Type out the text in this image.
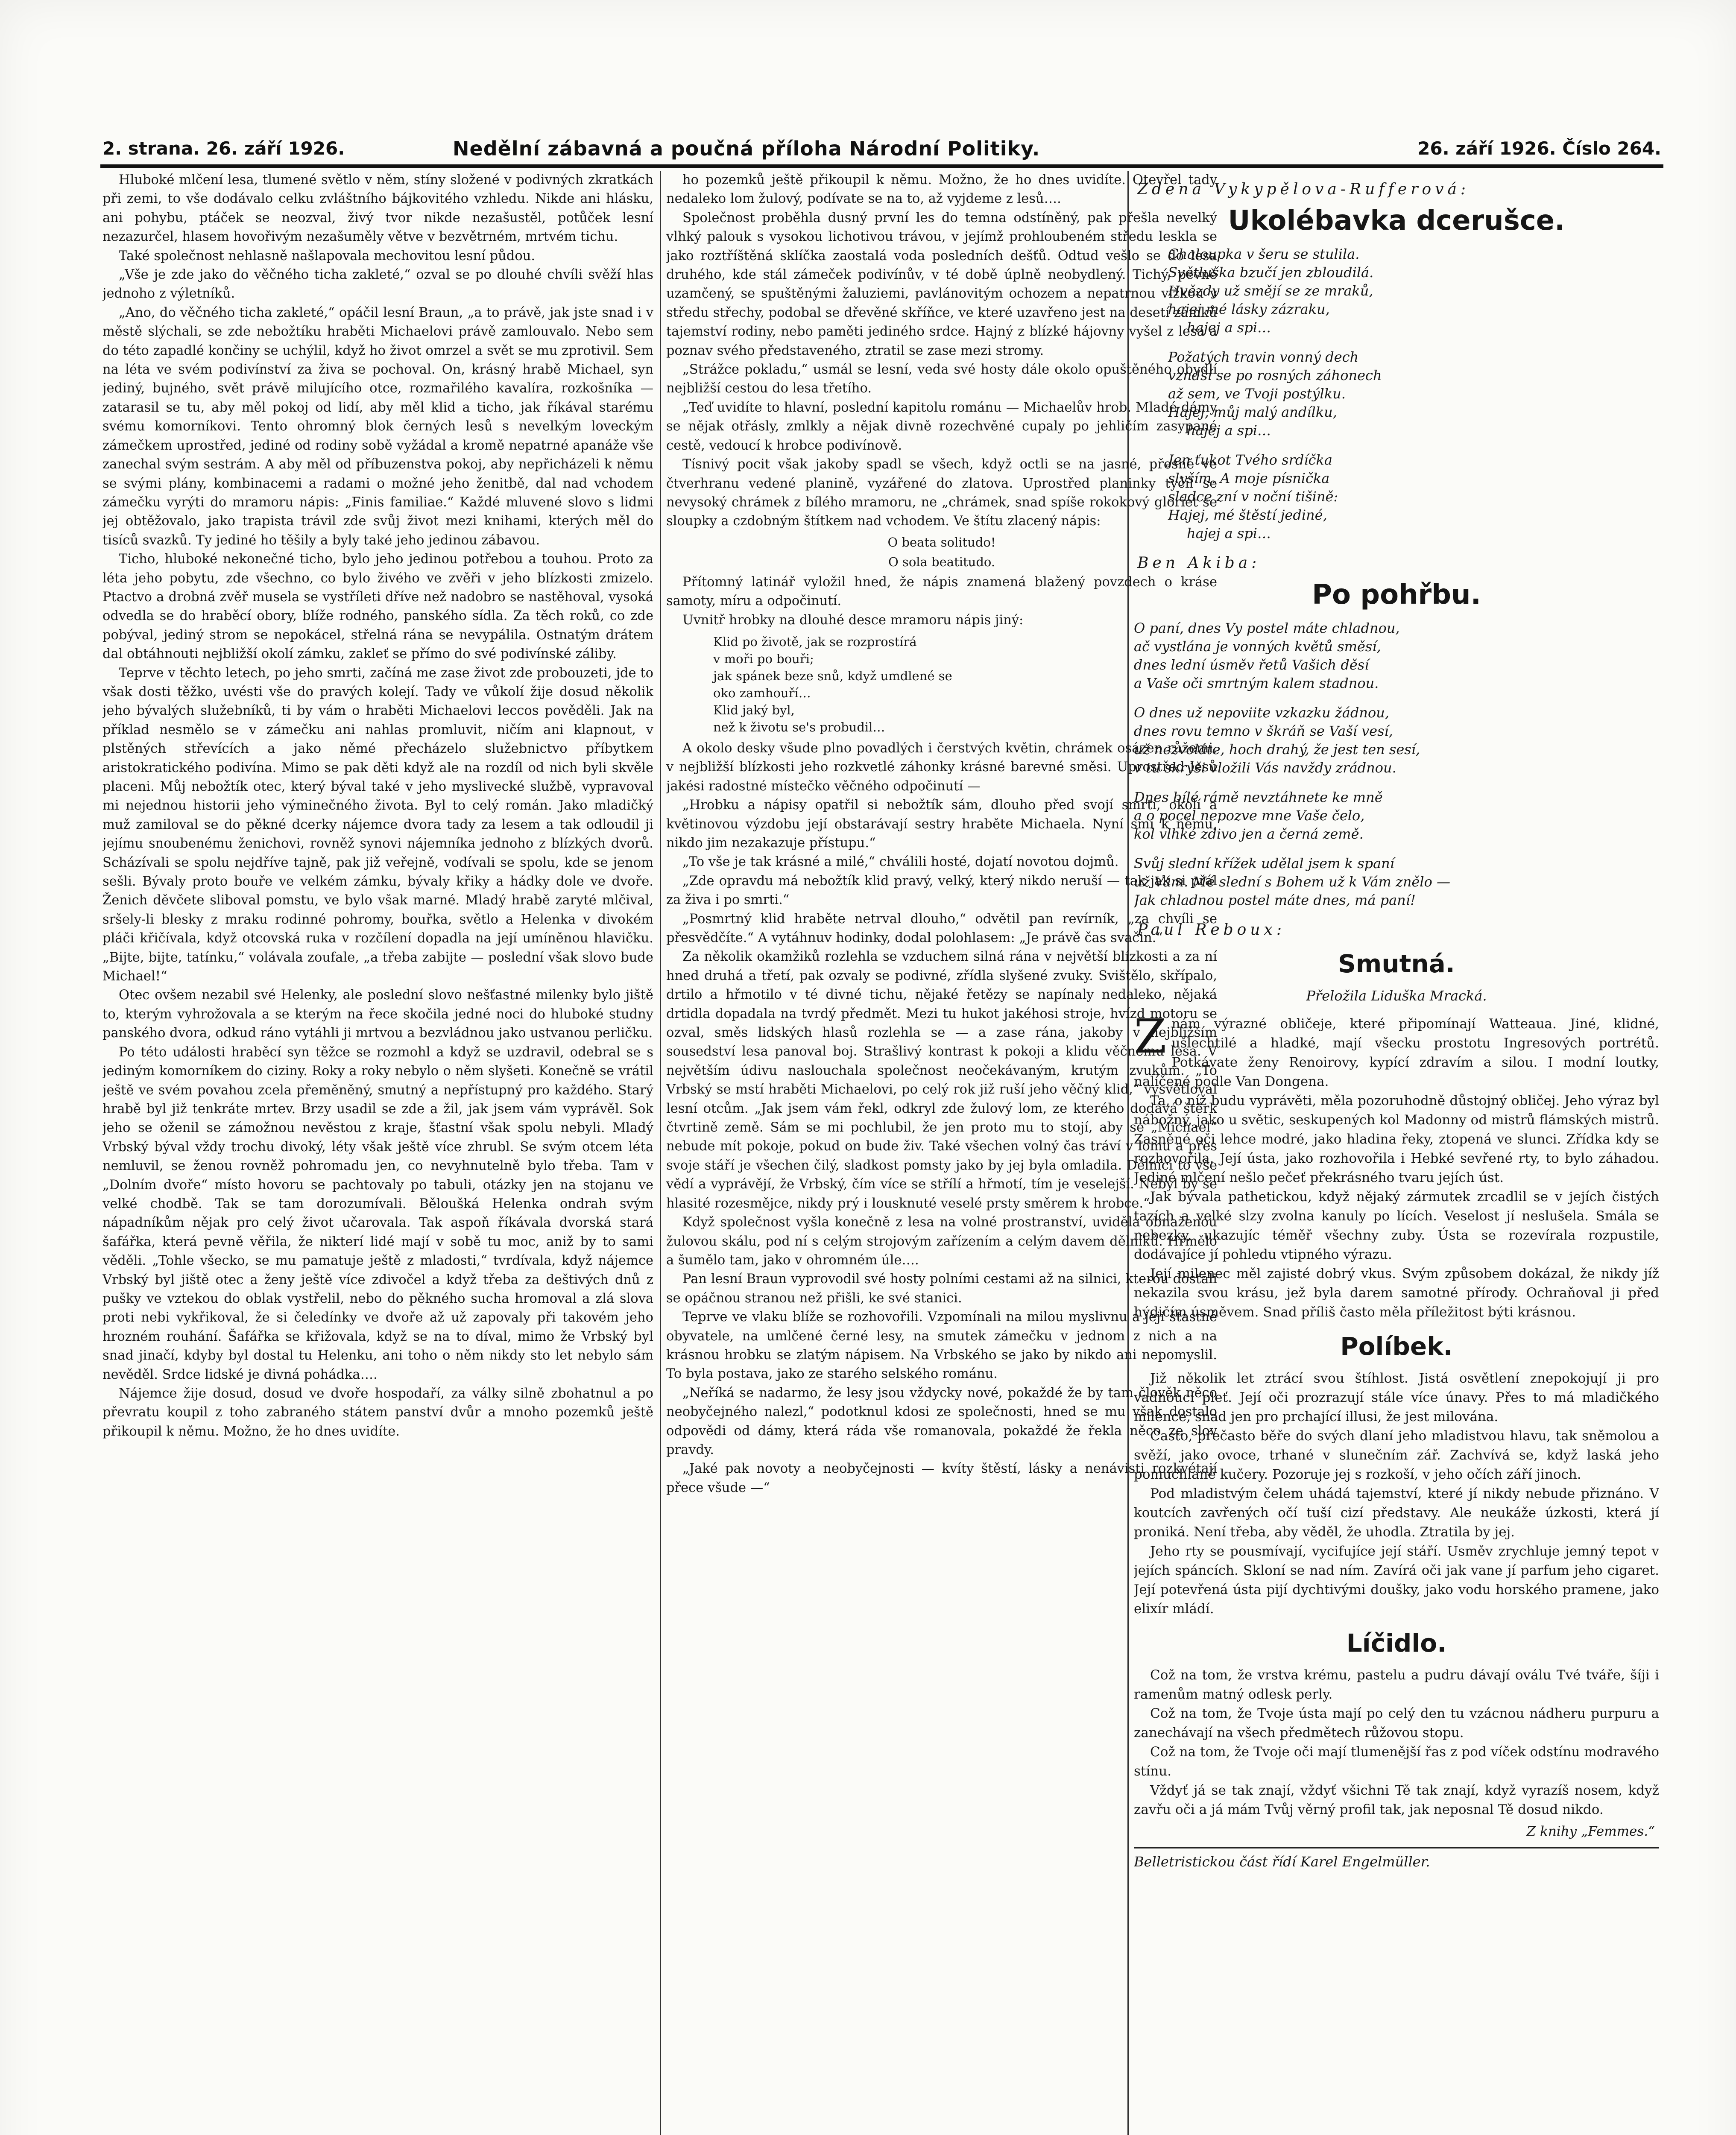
2. strana. 26. září 1926.	Nedělní zábavná a poučná příloha Národní Politiky.	26. září 1926. Číslo 264.

Hluboké mlčení lesa, tlumené světlo v něm, stíny složené v podivných zkratkách při zemi, to vše dodávalo celku zvláštního bájkovitého vzhledu. Nikde ani hlásku, ani pohybu, ptáček se neozval, živý tvor nikde nezašustěl, potůček lesní nezazurčel, hlasem hovořivým nezašuměly větve v bezvětrném, mrtvém tichu.

Také společnost nehlasně našlapovala mechovitou lesní půdou.

„Vše je zde jako do věčného ticha zakleté,“ ozval se po dlouhé chvíli svěží hlas jednoho z výletníků.

„Ano, do věčného ticha zakleté,“ opáčil lesní Braun, „a to právě, jak jste snad i v městě slýchali, se zde nebožtíku hraběti Michaelovi právě zamlouvalo. Nebo sem do této zapadlé končiny se uchýlil, když ho život omrzel a svět se mu zprotivil. Sem na léta ve svém podivínství za živa se pochoval. On, krásný hrabě Michael, syn jediný, bujného, svět právě milujícího otce, rozmařilého kavalíra, rozkošníka — zatarasil se tu, aby měl pokoj od lidí, aby měl klid a ticho, jak říkával starému svému komorníkovi. Tento ohromný blok černých lesů s nevelkým loveckým zámečkem uprostřed, jediné od rodiny sobě vyžádal a kromě nepatrné apanáže vše zanechal svým sestrám. A aby měl od příbuzenstva pokoj, aby nepřicházeli k němu se svými plány, kombinacemi a radami o možné jeho ženitbě, dal nad vchodem zámečku vyrýti do mramoru nápis: „Finis familiae.“ Každé mluvené slovo s lidmi jej obtěžovalo, jako trapista trávil zde svůj život mezi knihami, kterých měl do tisíců svazků. Ty jediné ho těšily a byly také jeho jedinou zábavou.

Ticho, hluboké nekonečné ticho, bylo jeho jedinou potřebou a touhou. Proto za léta jeho pobytu, zde všechno, co bylo živého ve zvěři v jeho blízkosti zmizelo. Ptactvo a drobná zvěř musela se vystříleti dříve než nadobro se nastěhoval, vysoká odvedla se do hraběcí obory, blíže rodného, panského sídla. Za těch roků, co zde pobýval, jediný strom se nepokácel, střelná rána se nevypálila. Ostnatým drátem dal obtáhnouti nejbližší okolí zámku, zakleť se přímo do své podivínské záliby.

Teprve v těchto letech, po jeho smrti, začíná me zase život zde probouzeti, jde to však dosti těžko, uvésti vše do pravých kolejí. Tady ve vůkolí žije dosud několik jeho bývalých služebníků, ti by vám o hraběti Michaelovi leccos pověděli. Jak na příklad nesmělo se v zámečku ani nahlas promluvit, ničím ani klapnout, v plstěných střevících a jako němé přecházelo služebnictvo příbytkem aristokratického podivína. Mimo se pak děti když ale na rozdíl od nich byli skvěle placeni. Můj nebožtík otec, který býval také v jeho myslivecké službě, vypravoval mi nejednou historii jeho výminečného života. Byl to celý román. Jako mladičký muž zamiloval se do pěkné dcerky nájemce dvora tady za lesem a tak odloudil ji jejímu snoubenému ženichovi, rovněž synovi nájemníka jednoho z blízkých dvorů. Scházívali se spolu nejdříve tajně, pak již veřejně, vodívali se spolu, kde se jenom sešli. Bývaly proto bouře ve velkém zámku, bývaly křiky a hádky dole ve dvoře. Ženich děvčete sliboval pomstu, ve bylo však marné. Mladý hrabě zaryté mlčival, sršely-li blesky z mraku rodinné pohromy, bouřka, světlo a Helenka v divokém pláči křičívala, když otcovská ruka v rozčílení dopadla na její umíněnou hlavičku. „Bijte, bijte, tatínku,“ volávala zoufale, „a třeba zabijte — poslední však slovo bude Michael!“

Otec ovšem nezabil své Helenky, ale poslední slovo nešťastné milenky bylo jiště to, kterým vyhrožovala a se kterým na řece skočila jedné noci do hluboké studny panského dvora, odkud ráno vytáhli ji mrtvou a bezvládnou jako ustvanou perličku.

Po této události hraběcí syn těžce se rozmohl a když se uzdravil, odebral se s jediným komorníkem do ciziny. Roky a roky nebylo o něm slyšeti. Konečně se vrátil ještě ve svém povahou zcela přeměněný, smutný a nepřístupný pro každého. Starý hrabě byl již tenkráte mrtev. Brzy usadil se zde a žil, jak jsem vám vyprávěl. Sok jeho se oženil se zámožnou nevěstou z kraje, šťastní však spolu nebyli. Mladý Vrbský býval vždy trochu divoký, léty však ještě více zhrubl. Se svým otcem léta nemluvil, se ženou rovněž pohromadu jen, co nevyhnutelně bylo třeba. Tam v „Dolním dvoře“ místo hovoru se pachtovaly po tabuli, otázky jen na stojanu ve velké chodbě. Tak se tam dorozumívali. Běloušká Helenka ondrah svým nápadníkům nějak pro celý život učarovala. Tak aspoň říkávala dvorská stará šafářka, která pevně věřila, že nikterí lidé mají v sobě tu moc, aniž by to sami věděli. „Tohle všecko, se mu pamatuje ještě z mladosti,“ tvrdívala, když nájemce Vrbský byl jiště otec a ženy ještě více zdivočel a když třeba za deštivých dnů z pušky ve vztekou do oblak vystřelil, nebo do pěkného sucha hromoval a zlá slova proti nebi vykřikoval, že si čeledínky ve dvoře až už zapovaly při takovém jeho hrozném rouhání. Šafářka se křižovala, když se na to díval, mimo že Vrbský byl snad jinačí, kdyby byl dostal tu Helenku, ani toho o něm nikdy sto let nebylo sám nevěděl. Srdce lidské je divná pohádka….

Nájemce žije dosud, dosud ve dvoře hospodaří, za války silně zbohatnul a po převratu koupil z toho zabraného státem panství dvůr a mnoho pozemků ještě přikoupil k němu. Možno, že ho dnes uvidíte.

ho pozemků ještě přikoupil k němu. Možno, že ho dnes uvidíte. Otevřel tady nedaleko lom žulový, podívate se na to, až vyjdeme z lesů….

Společnost proběhla dusný první les do temna odstíněný, pak přešla nevelký vlhký palouk s vysokou lichotivou trávou, v jejímž prohloubeném středu leskla se jako roztříštěná sklíčka zaostalá voda posledních dešťů. Odtud vešlo se do lesa druhého, kde stál zámeček podivínův, v té době úplně neobydlený. Tichý, pevně uzamčený, se spuštěnými žaluziemi, pavlánovitým ochozem a nepatrnou vížkou v středu střechy, podobal se dřevěné skříňce, ve které uzavřeno jest na desetí zámků tajemství rodiny, nebo paměti jediného srdce. Hajný z blízké hájovny vyšel z lesa a poznav svého představeného, ztratil se zase mezi stromy.

„Strážce pokladu,“ usmál se lesní, veda své hosty dále okolo opuštěného obydlí nejbližší cestou do lesa třetího.

„Teď uvidíte to hlavní, poslední kapitolu románu — Michaelův hrob. Mladé dámy se nějak otřásly, zmlkly a nějak divně rozechvěné cupaly po jehličím zasypané cestě, vedoucí k hrobce podivínově.

Tísnivý pocit však jakoby spadl se všech, když octli se na jasné, přesně ve čtverhranu vedené planině, vyzářené do zlatova. Uprostřed planinky tyčil se nevysoký chrámek z bílého mramoru, ne „chrámek, snad spíše rokokový gloriet se sloupky a czdobným štítkem nad vchodem. Ve štítu zlacený nápis:

O beata solitudo!
O sola beatitudo.

Přítomný latinář vyložil hned, že nápis znamená blažený povzdech o kráse samoty, míru a odpočinutí.

Uvnitř hrobky na dlouhé desce mramoru nápis jiný:

Klid po životě, jak se rozprostírá
v moři po bouři;
jak spánek beze snů, když umdlené se
oko zamhouří…
Klid jaký byl,
než k životu se's probudil…

A okolo desky všude plno povadlých i čerstvých květin, chrámek osázen růžemi, v nejbližší blízkosti jeho rozkvetlé záhonky krásné barevné směsi. Uprostřed lesů jakési radostné místečko věčného odpočinutí —

„Hrobku a nápisy opatřil si nebožtík sám, dlouho před svojí smrtí, okolí a květinovou výzdobu její obstarávají sestry hraběte Michaela. Nyní smí k němu, nikdo jim nezakazuje přístupu.“

„To vše je tak krásné a milé,“ chválili hosté, dojatí novotou dojmů.

„Zde opravdu má nebožtík klid pravý, velký, který nikdo neruší — tak jak si přál za živa i po smrti.“

„Posmrtný klid hraběte netrval dlouho,“ odvětil pan revírník, „za chvíli se přesvědčíte.“ A vytáhnuv hodinky, dodal polohlasem: „Je právě čas svačin.“

Za několik okamžiků rozlehla se vzduchem silná rána v největší blízkosti a za ní hned druhá a třetí, pak ozvaly se podivné, zřídla slyšené zvuky. Svištělo, skřípalo, drtilo a hřmotilo v té divné tichu, nějaké řetězy se napínaly nedaleko, nějaká drtidla dopadala na tvrdý předmět. Mezi tu hukot jakéhosi stroje, hvízd motoru se ozval, směs lidských hlasů rozlehla se — a zase rána, jakoby v nejbližším sousedství lesa panoval boj. Strašlivý kontrast k pokoji a klidu věčnému lesa. V největším údivu naslouchala společnost neočekávaným, krutým zvukům. „To Vrbský se mstí hraběti Michaelovi, po celý rok již ruší jeho věčný klid,“ vysvětloval lesní otcům. „Jak jsem vám řekl, odkryl zde žulový lom, ze kterého dodává štěrk čtvrtině země. Sám se mi pochlubil, že jen proto mu to stojí, aby se „Michael“ nebude mít pokoje, pokud on bude živ. Také všechen volný čas tráví v lomu a přes svoje stáří je všechen čilý, sladkost pomsty jako by jej byla omladila. Dělníci to vše vědí a vyprávějí, že Vrbský, čím více se střílí a hřmotí, tím je veselejší. Nebyl by se hlasité rozesmějce, nikdy prý i lousknuté veselé prsty směrem k hrobce.“

Když společnost vyšla konečně z lesa na volné prostranství, uviděla obnaženou žulovou skálu, pod ní s celým strojovým zařízením a celým davem dělníků. Hřmělo a šumělo tam, jako v ohromném úle….

Pan lesní Braun vyprovodil své hosty polními cestami až na silnici, kterou dostali se opáčnou stranou než přišli, ke své stanici.

Teprve ve vlaku blíže se rozhovořili. Vzpomínali na milou myslivnu a její šťastné obyvatele, na umlčené černé lesy, na smutek zámečku v jednom z nich a na krásnou hrobku se zlatým nápisem. Na Vrbského se jako by nikdo ani nepomyslil. To byla postava, jako ze starého selského románu.

„Neříká se nadarmo, že lesy jsou vždycky nové, pokaždé že by tam člověk něco neobyčejného nalezl,“ podotknul kdosi ze společnosti, hned se mu však dostalo odpovědi od dámy, která ráda vše romanovala, pokaždé že řekla něco ze slov pravdy.

„Jaké pak novoty a neobyčejnosti — kvíty štěstí, lásky a nenávisti rozkvétají přece všude —“

Zdena Vykypělova-Rufferová:
Ukolébavka dcerušce.
Chaloupka v šeru se stulila.
Světluška bzučí jen zbloudilá.
Hvězdy už smějí se ze mraků,
hajej mé lásky zázraku,
hajej a spi…
Požatých travin vonný dech
vzndší se po rosných záhonech
až sem, ve Tvoji postýlku.
Hajej, můj malý andílku,
hajej a spi…
Jen ťukot Tvého srdíčka
slyším. A moje písnička
sladce zní v noční tišině:
Hajej, mé štěstí jediné,
hajej a spi…
Ben Akiba:
Po pohřbu.
O paní, dnes Vy postel máte chladnou,
ač vystlána je vonných květů směsí,
dnes lední úsměv řetů Vašich děsí
a Vaše oči smrtným kalem stadnou.
O dnes už nepoviite vzkazku žádnou,
dnes rovu temno v škráň se Vaší vesí,
už nezvoláte, hoch drahý, že jest ten sesí,
v tu skrýši vložili Vás navždy zrádnou.
Dnes bílé rámě nevztáhnete ke mně
a o pocel nepozve mne Vaše čelo,
kol vlhké zdivo jen a černá země.
Svůj slední křížek udělal jsem k spaní
už Vám. Mé slední s Bohem už k Vám znělo —
Jak chladnou postel máte dnes, má paní!
Paul Reboux:
Smutná.
Přeložila Liduška Mracká.

Znám výrazné obličeje, které připomínají Watteaua. Jiné, klidné, ušlechtilé a hladké, mají všecku prostotu Ingresových portrétů. Potkávate ženy Renoirovy, kypící zdravím a silou. I modní loutky, nalíčené podle Van Dongena.

Ta, o níž budu vyprávěti, měla pozoruhodně důstojný obličej. Jeho výraz byl nábožný, jako u světic, seskupených kol Madonny od mistrů flámských mistrů. Zasněné oči lehce modré, jako hladina řeky, ztopená ve slunci. Zřídka kdy se rozhovořila. Její ústa, jako rozhovořila i Hebké sevřené rty, to bylo záhadou. Jediné mlčení nešlo pečeť překrásného tvaru jejích úst.

Jak bývala pathetickou, když nějaký zármutek zrcadlil se v jejích čistých tazích a velké slzy zvolna kanuly po lících. Veselost jí neslušela. Smála se nebezky, ukazujíc téměř všechny zuby. Ústa se rozevírala rozpustile, dodávajíce jí pohledu vtipného výrazu.

Její milenec měl zajisté dobrý vkus. Svým způsobem dokázal, že nikdy jíž nekazila svou krásu, jež byla darem samotné přírody. Ochraňoval ji před hýdičím úsměvem. Snad příliš často měla příležitost býti krásnou.

Políbek.

Již několik let ztrácí svou štíhlost. Jistá osvětlení znepokojují ji pro vadnoucí pleť. Její oči prozrazují stále více únavy. Přes to má mladičkého milence, snad jen pro prchající illusi, že jest milována.

Často, přečasto běře do svých dlaní jeho mladistvou hlavu, tak sněmolou a svěží, jako ovoce, trhané v slunečním zář. Zachvívá se, když laská jeho pomuchlané kučery. Pozoruje jej s rozkoší, v jeho očích září jinoch.

Pod mladistvým čelem uhádá tajemství, které jí nikdy nebude přiznáno. V koutcích zavřených očí tuší cizí představy. Ale neukáže úzkosti, která jí proniká. Není třeba, aby věděl, že uhodla. Ztratila by jej.

Jeho rty se pousmívají, vycifujíce její stáří. Usměv zrychluje jemný tepot v jejích spáncích. Skloní se nad ním. Zavírá oči jak vane jí parfum jeho cigaret. Její potevřená ústa pijí dychtivými doušky, jako vodu horského pramene, jako elixír mládí.

Líčidlo.

Což na tom, že vrstva krému, pastelu a pudru dávají oválu Tvé tváře, šíji i ramenům matný odlesk perly.

Což na tom, že Tvoje ústa mají po celý den tu vzácnou nádheru purpuru a zanechávají na všech předmětech růžovou stopu.

Což na tom, že Tvoje oči mají tlumenější řas z pod víček odstínu modravého stínu.

Vždyť já se tak znají, vždyť všichni Tě tak znají, když vyrazíš nosem, když zavřu oči a já mám Tvůj věrný profil tak, jak neposnal Tě dosud nikdo.

Z knihy „Femmes.“
Belletristickou část řídí Karel Engelmüller.
